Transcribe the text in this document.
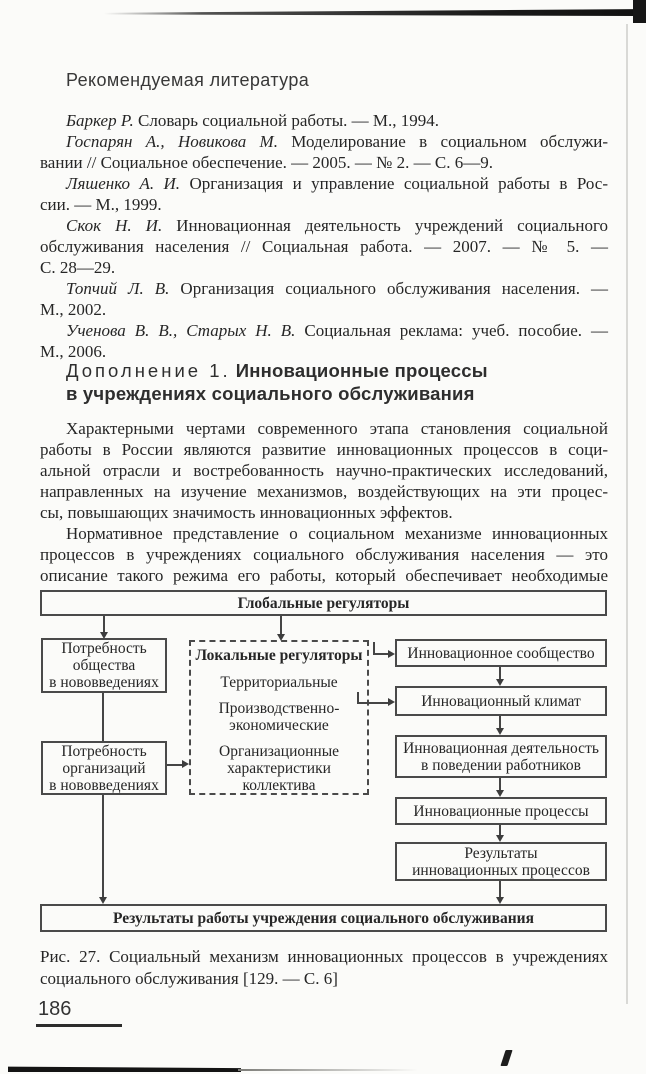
Рекомендуемая литература
Баркер Р. Словарь социальной работы. — М., 1994.
Госпарян А., Новикова М. Моделирование в социальном обслужи-
вании // Социальное обеспечение. — 2005. — № 2. — С. 6—9.
Ляшенко А. И. Организация и управление социальной работы в Рос-
сии. — М., 1999.
Скок Н. И. Инновационная деятельность учреждений социального
обслуживания населения // Социальная работа. — 2007. — № 5. —
С. 28—29.
Топчий Л. В. Организация социального обслуживания населения. —
М., 2002.
Ученова В. В., Старых Н. В. Социальная реклама: учеб. пособие. —
М., 2006.
Дополнение 1. Инновационные процессы
в учреждениях социального обслуживания
Характерными чертами современного этапа становления социальной
работы в России являются развитие инновационных процессов в соци-
альной отрасли и востребованность научно-практических исследований,
направленных на изучение механизмов, воздействующих на эти процес-
сы, повышающих значимость инновационных эффектов.
Нормативное представление о социальном механизме инновационных
процессов в учреждениях социального обслуживания населения — это
описание такого режима его работы, который обеспечивает необходимые
Глобальные регуляторы
Потребность
общества
в нововведениях
Потребность
организаций
в нововведениях
Локальные регуляторы
Территориальные
Производственно-
экономические
Организационные
характеристики
коллектива
Инновационное сообщество
Инновационный климат
Инновационная деятельность
в поведении работников
Инновационные процессы
Результаты
инновационных процессов
Результаты работы учреждения социального обслуживания
Рис. 27. Социальный механизм инновационных процессов в учреждениях
социального обслуживания [129. — С. 6]
186
